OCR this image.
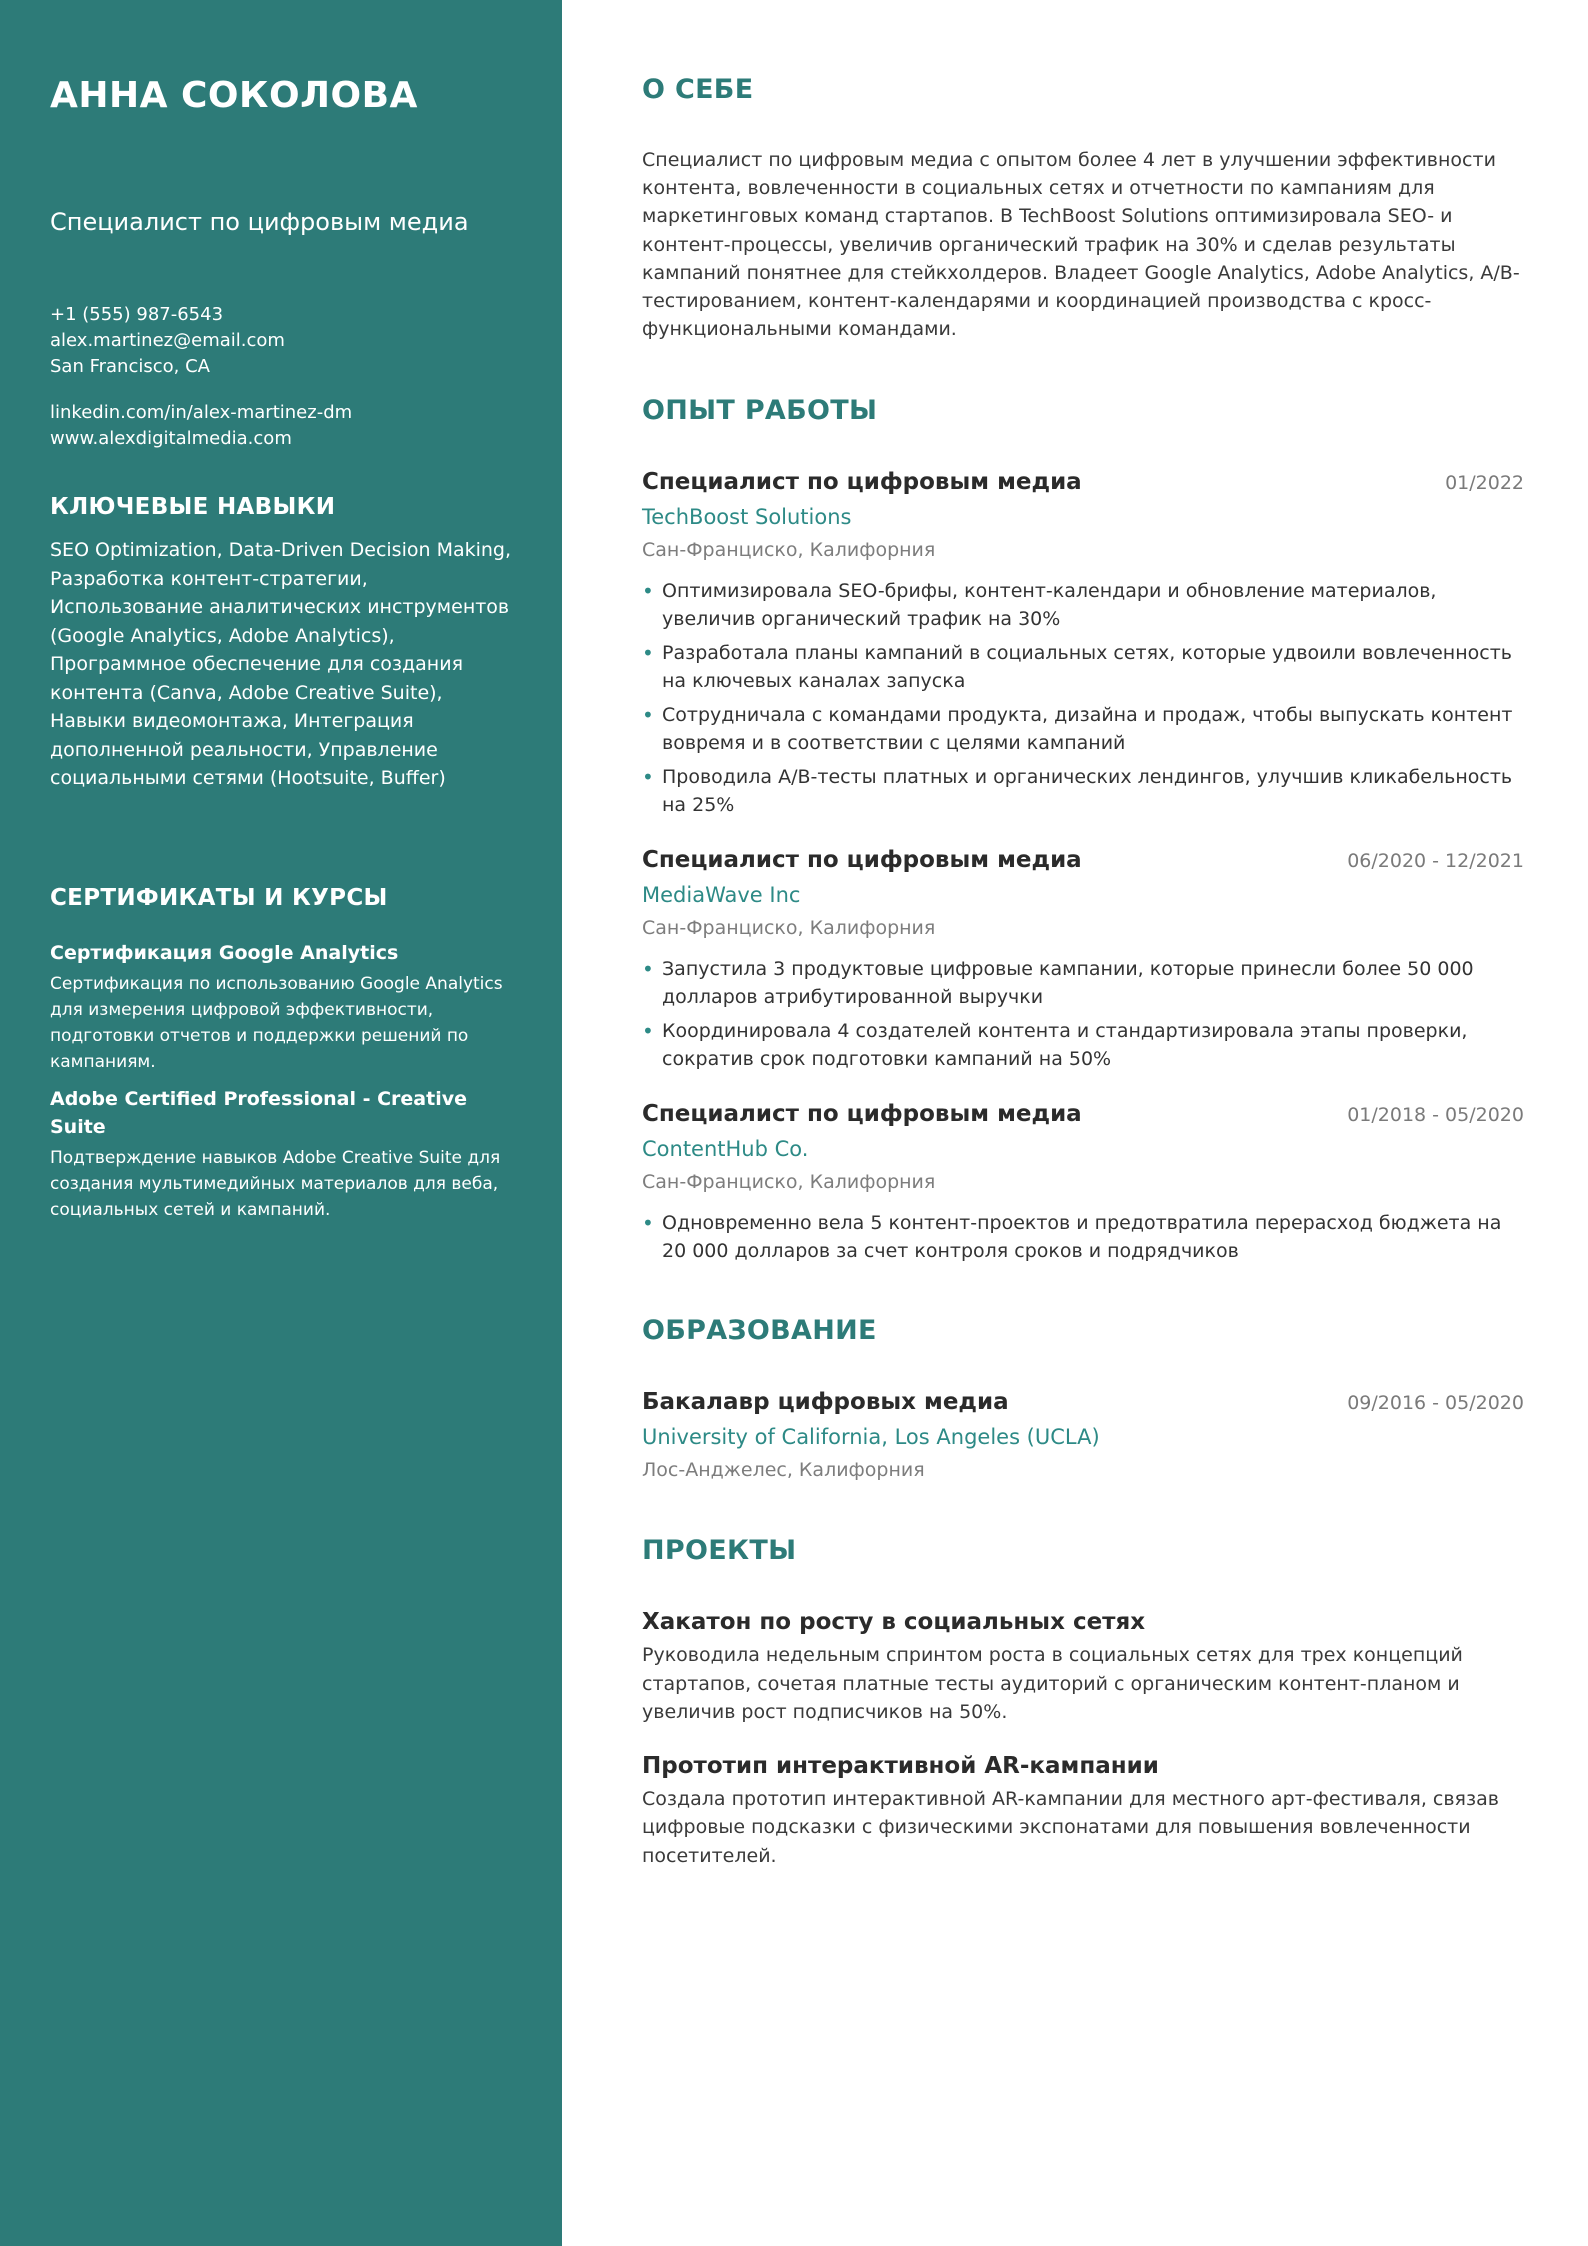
АННА СОКОЛОВА
Специалист по цифровым медиа
+1 (555) 987-6543
alex.martinez@email.com
San Francisco, CA
linkedin.com/in/alex-martinez-dm
www.alexdigitalmedia.com
КЛЮЧЕВЫЕ НАВЫКИ

SEO Optimization, Data-Driven Decision Making, Разработка контент-стратегии, Использование аналитических инструментов (Google Analytics, Adobe Analytics), Программное обеспечение для создания контента (Canva, Adobe Creative Suite), Навыки видеомонтажа, Интеграция дополненной реальности, Управление социальными сетями (Hootsuite, Buffer)

СЕРТИФИКАТЫ И КУРСЫ
Сертификация Google Analytics
Сертификация по использованию Google Analytics для измерения цифровой эффективности, подготовки отчетов и поддержки решений по кампаниям.
Adobe Certified Professional - Creative Suite
Подтверждение навыков Adobe Creative Suite для создания мультимедийных материалов для веба, социальных сетей и кампаний.
О СЕБЕ

Специалист по цифровым медиа с опытом более 4 лет в улучшении эффективности контента, вовлеченности в социальных сетях и отчетности по кампаниям для маркетинговых команд стартапов. В TechBoost Solutions оптимизировала SEO- и контент-процессы, увеличив органический трафик на 30% и сделав результаты кампаний понятнее для стейкхолдеров. Владеет Google Analytics, Adobe Analytics, A/B-тестированием, контент-календарями и координацией производства с кросс-функциональными командами.

ОПЫТ РАБОТЫ
Специалист по цифровым медиа	01/2022
TechBoost Solutions
Сан-Франциско, Калифорния
• Оптимизировала SEO-брифы, контент-календари и обновление материалов, увеличив органический трафик на 30%
• Разработала планы кампаний в социальных сетях, которые удвоили вовлеченность на ключевых каналах запуска
• Сотрудничала с командами продукта, дизайна и продаж, чтобы выпускать контент вовремя и в соответствии с целями кампаний
• Проводила A/B-тесты платных и органических лендингов, улучшив кликабельность на 25%
Специалист по цифровым медиа	06/2020 - 12/2021
MediaWave Inc
Сан-Франциско, Калифорния
• Запустила 3 продуктовые цифровые кампании, которые принесли более 50 000 долларов атрибутированной выручки
• Координировала 4 создателей контента и стандартизировала этапы проверки, сократив срок подготовки кампаний на 50%
Специалист по цифровым медиа	01/2018 - 05/2020
ContentHub Co.
Сан-Франциско, Калифорния
• Одновременно вела 5 контент-проектов и предотвратила перерасход бюджета на 20 000 долларов за счет контроля сроков и подрядчиков
ОБРАЗОВАНИЕ
Бакалавр цифровых медиа	09/2016 - 05/2020
University of California, Los Angeles (UCLA)
Лос-Анджелес, Калифорния
ПРОЕКТЫ
Хакатон по росту в социальных сетях
Руководила недельным спринтом роста в социальных сетях для трех концепций стартапов, сочетая платные тесты аудиторий с органическим контент-планом и увеличив рост подписчиков на 50%.
Прототип интерактивной AR-кампании
Создала прототип интерактивной AR-кампании для местного арт-фестиваля, связав цифровые подсказки с физическими экспонатами для повышения вовлеченности посетителей.
